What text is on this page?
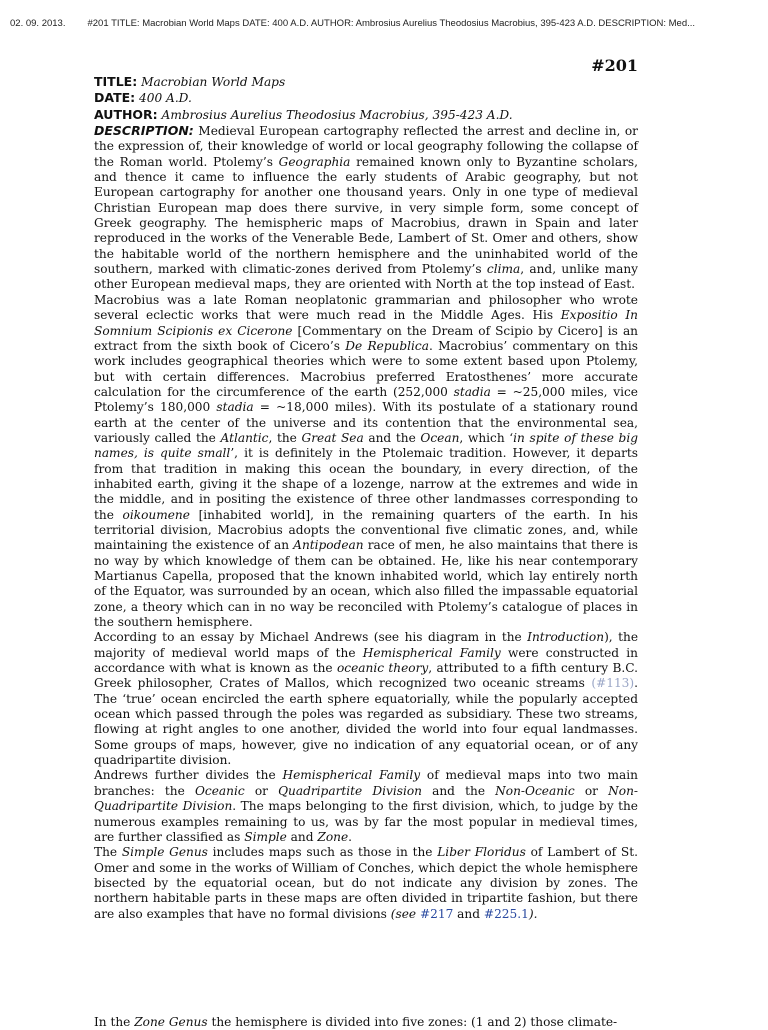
02. 09. 2013. #201 TITLE: Macrobian World Maps DATE: 400 A.D. AUTHOR: Ambrosius Aurelius Theodosius Macrobius, 395-423 A.D. DESCRIPTION: Med...
#201
TITLE: Macrobian World Maps
DATE: 400 A.D.
AUTHOR: Ambrosius Aurelius Theodosius Macrobius, 395-423 A.D.

DESCRIPTION: Medieval European cartography reflected the arrest and decline in, or the expression of, their knowledge of world or local geography following the collapse of the Roman world. Ptolemy’s Geographia remained known only to Byzantine scholars, and thence it came to influence the early students of Arabic geography, but not European cartography for another one thousand years. Only in one type of medieval Christian European map does there survive, in very simple form, some concept of Greek geography. The hemispheric maps of Macrobius, drawn in Spain and later reproduced in the works of the Venerable Bede, Lambert of St. Omer and others, show the habitable world of the northern hemisphere and the uninhabited world of the southern, marked with climatic-zones derived from Ptolemy’s clima, and, unlike many other European medieval maps, they are oriented with North at the top instead of East.

Macrobius was a late Roman neoplatonic grammarian and philosopher who wrote several eclectic works that were much read in the Middle Ages. His Expositio In Somnium Scipionis ex Cicerone [Commentary on the Dream of Scipio by Cicero] is an extract from the sixth book of Cicero’s De Republica. Macrobius’ commentary on this work includes geographical theories which were to some extent based upon Ptolemy, but with certain differences. Macrobius preferred Eratosthenes’ more accurate calculation for the circumference of the earth (252,000 stadia = ~25,000 miles, vice Ptolemy’s 180,000 stadia = ~18,000 miles). With its postulate of a stationary round earth at the center of the universe and its contention that the environmental sea, variously called the Atlantic, the Great Sea and the Ocean, which ‘in spite of these big names, is quite small’, it is definitely in the Ptolemaic tradition. However, it departs from that tradition in making this ocean the boundary, in every direction, of the inhabited earth, giving it the shape of a lozenge, narrow at the extremes and wide in the middle, and in positing the existence of three other landmasses corresponding to the oikoumene [inhabited world], in the remaining quarters of the earth. In his territorial division, Macrobius adopts the conventional five climatic zones, and, while maintaining the existence of an Antipodean race of men, he also maintains that there is no way by which knowledge of them can be obtained. He, like his near contemporary Martianus Capella, proposed that the known inhabited world, which lay entirely north of the Equator, was surrounded by an ocean, which also filled the impassable equatorial zone, a theory which can in no way be reconciled with Ptolemy’s catalogue of places in the southern hemisphere.

According to an essay by Michael Andrews (see his diagram in the Introduction), the majority of medieval world maps of the Hemispherical Family were constructed in accordance with what is known as the oceanic theory, attributed to a fifth century B.C. Greek philosopher, Crates of Mallos, which recognized two oceanic streams (#113). The ‘true’ ocean encircled the earth sphere equatorially, while the popularly accepted ocean which passed through the poles was regarded as subsidiary. These two streams, flowing at right angles to one another, divided the world into four equal landmasses. Some groups of maps, however, give no indication of any equatorial ocean, or of any quadripartite division.

Andrews further divides the Hemispherical Family of medieval maps into two main branches: the Oceanic or Quadripartite Division and the Non-Oceanic or Non-Quadripartite Division. The maps belonging to the first division, which, to judge by the numerous examples remaining to us, was by far the most popular in medieval times, are further classified as Simple and Zone.

The Simple Genus includes maps such as those in the Liber Floridus of Lambert of St. Omer and some in the works of William of Conches, which depict the whole hemisphere bisected by the equatorial ocean, but do not indicate any division by zones. The northern habitable parts in these maps are often divided in tripartite fashion, but there are also examples that have no formal divisions (see #217 and #225.1).

In the Zone Genus the hemisphere is divided into five zones: (1 and 2) those climate-
